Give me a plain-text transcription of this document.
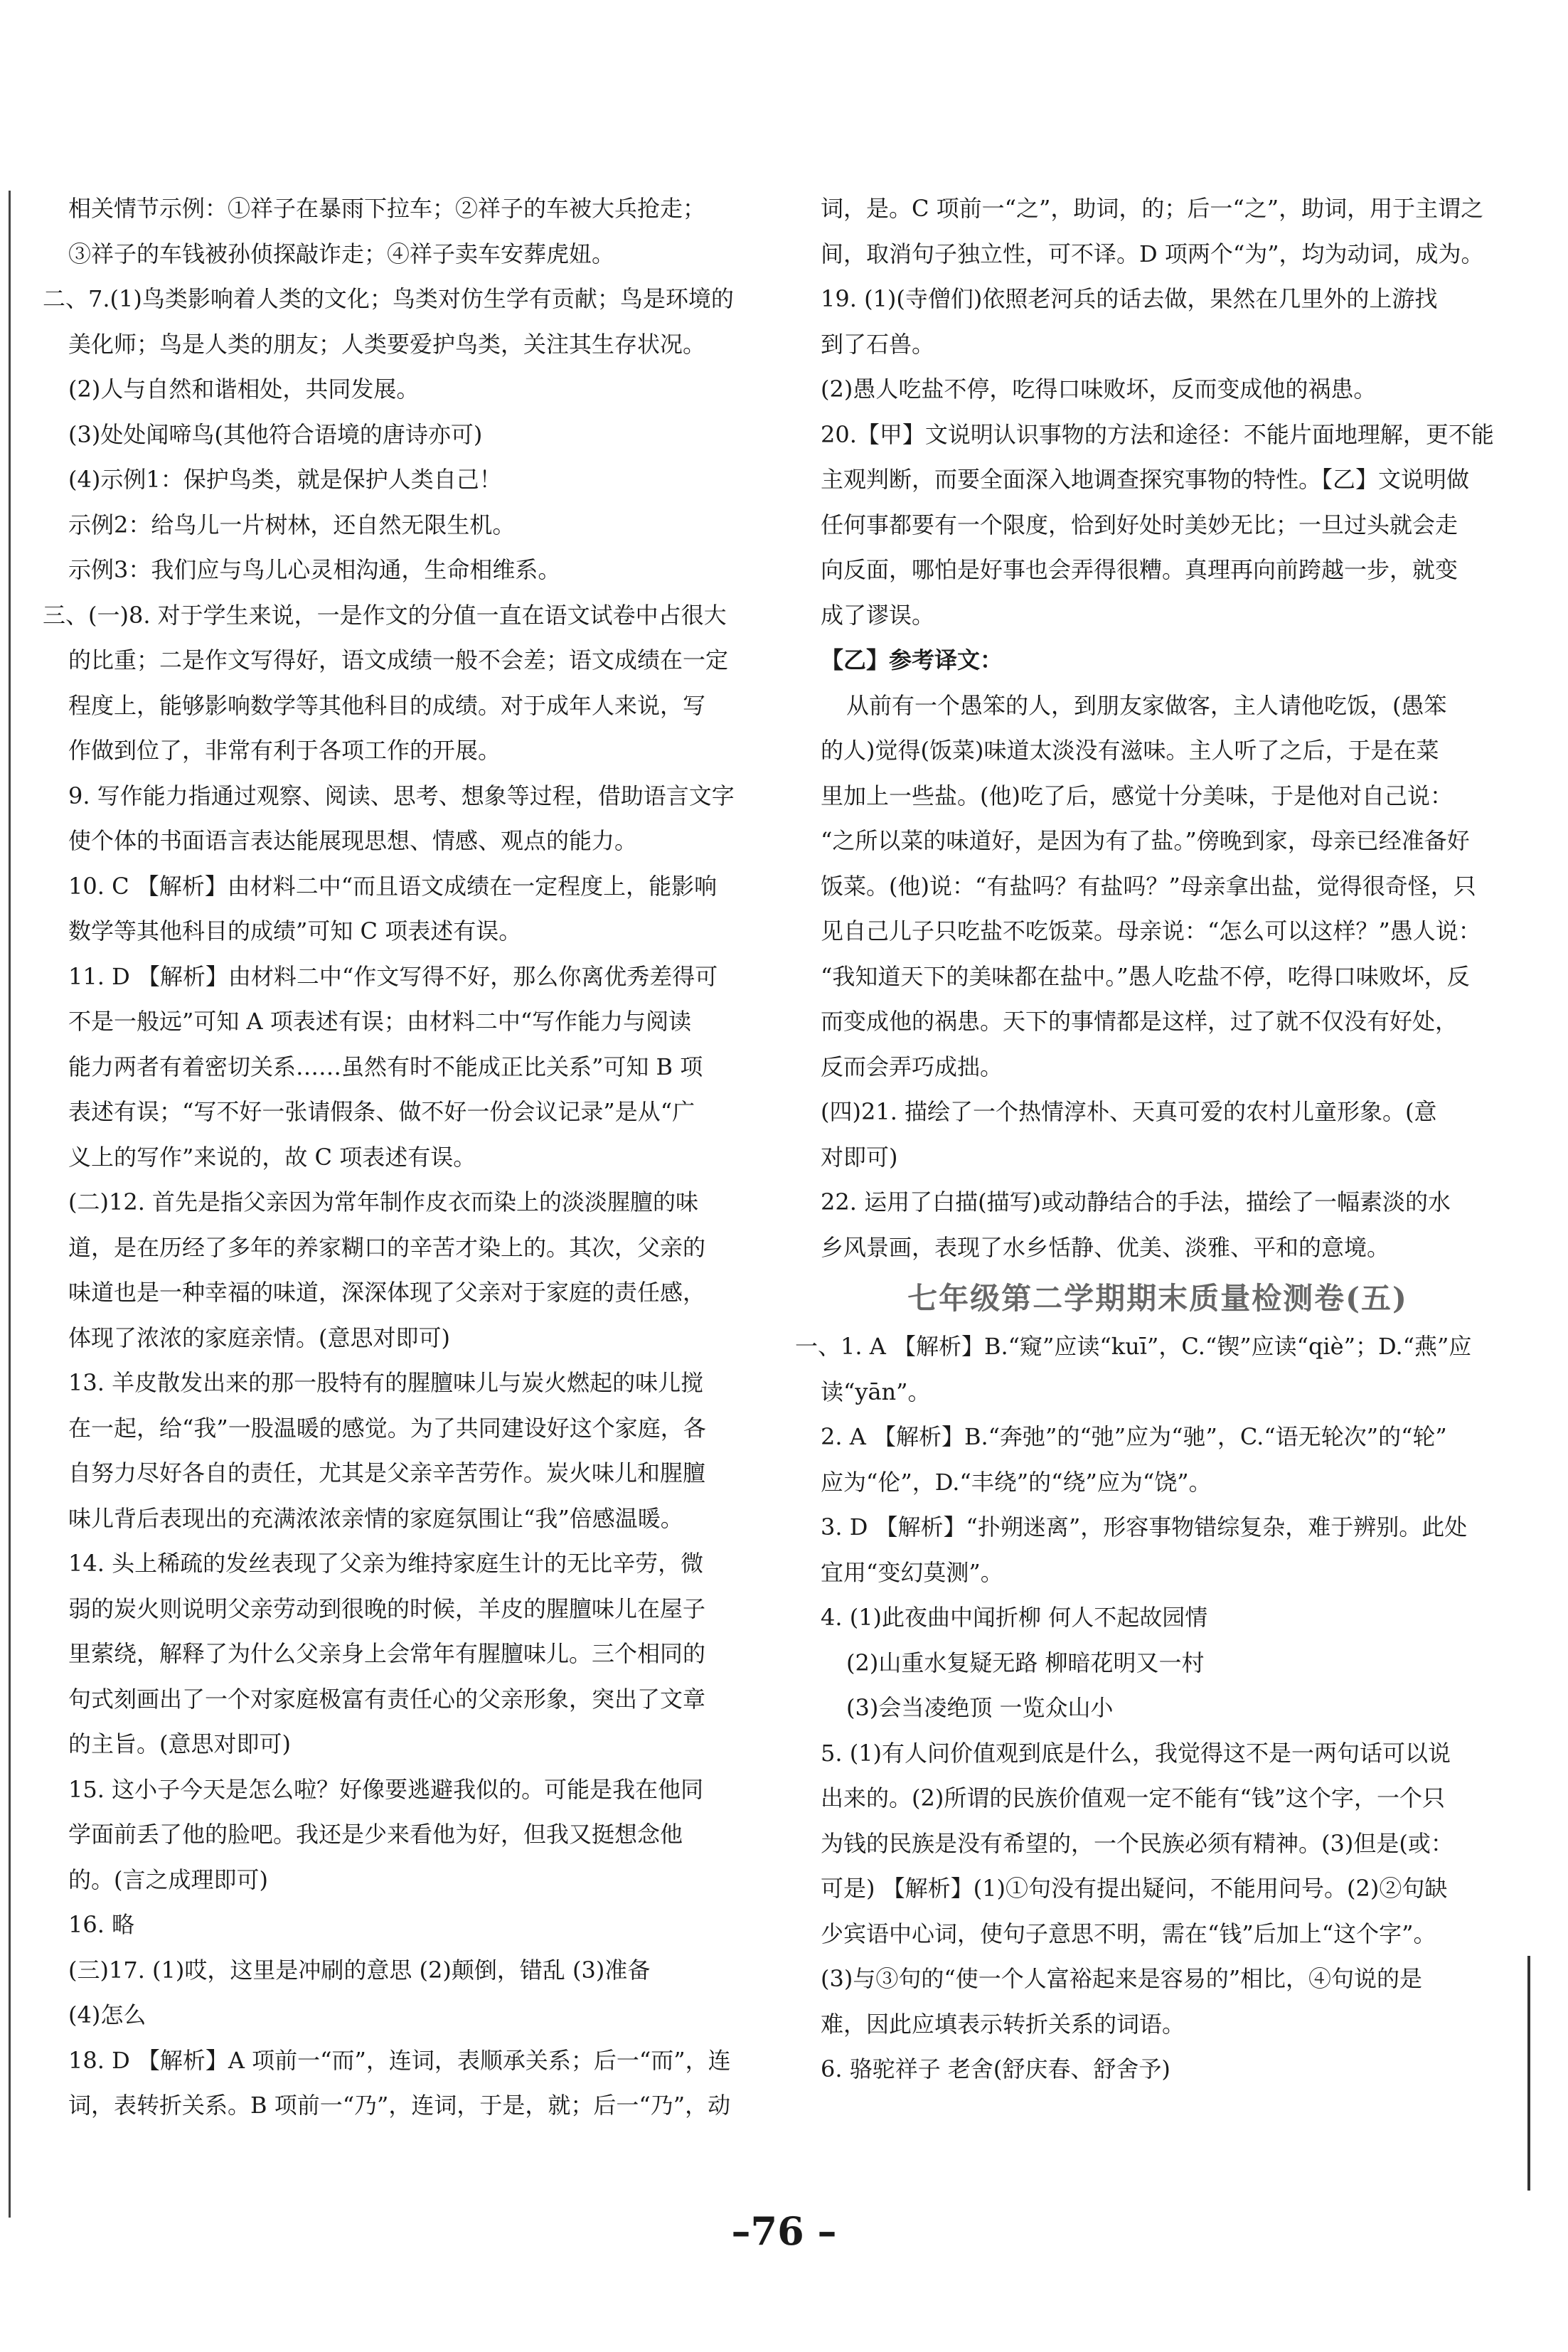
相关情节示例：①祥子在暴雨下拉车；②祥子的车被大兵抢走；
③祥子的车钱被孙侦探敲诈走；④祥子卖车安葬虎妞。
二、7.(1)鸟类影响着人类的文化；鸟类对仿生学有贡献；鸟是环境的
美化师；鸟是人类的朋友；人类要爱护鸟类，关注其生存状况。
(2)人与自然和谐相处，共同发展。
(3)处处闻啼鸟(其他符合语境的唐诗亦可)
(4)示例1：保护鸟类，就是保护人类自己！
示例2：给鸟儿一片树林，还自然无限生机。
示例3：我们应与鸟儿心灵相沟通，生命相维系。
三、(一)8. 对于学生来说，一是作文的分值一直在语文试卷中占很大
的比重；二是作文写得好，语文成绩一般不会差；语文成绩在一定
程度上，能够影响数学等其他科目的成绩。对于成年人来说，写
作做到位了，非常有利于各项工作的开展。
9. 写作能力指通过观察、阅读、思考、想象等过程，借助语言文字
使个体的书面语言表达能展现思想、情感、观点的能力。
10. C 【解析】由材料二中“而且语文成绩在一定程度上，能影响
数学等其他科目的成绩”可知 C 项表述有误。
11. D 【解析】由材料二中“作文写得不好，那么你离优秀差得可
不是一般远”可知 A 项表述有误；由材料二中“写作能力与阅读
能力两者有着密切关系……虽然有时不能成正比关系”可知 B 项
表述有误；“写不好一张请假条、做不好一份会议记录”是从“广
义上的写作”来说的，故 C 项表述有误。
(二)12. 首先是指父亲因为常年制作皮衣而染上的淡淡腥膻的味
道，是在历经了多年的养家糊口的辛苦才染上的。其次，父亲的
味道也是一种幸福的味道，深深体现了父亲对于家庭的责任感，
体现了浓浓的家庭亲情。(意思对即可)
13. 羊皮散发出来的那一股特有的腥膻味儿与炭火燃起的味儿搅
在一起，给“我”一股温暖的感觉。为了共同建设好这个家庭，各
自努力尽好各自的责任，尤其是父亲辛苦劳作。炭火味儿和腥膻
味儿背后表现出的充满浓浓亲情的家庭氛围让“我”倍感温暖。
14. 头上稀疏的发丝表现了父亲为维持家庭生计的无比辛劳，微
弱的炭火则说明父亲劳动到很晚的时候，羊皮的腥膻味儿在屋子
里萦绕，解释了为什么父亲身上会常年有腥膻味儿。三个相同的
句式刻画出了一个对家庭极富有责任心的父亲形象，突出了文章
的主旨。(意思对即可)
15. 这小子今天是怎么啦？好像要逃避我似的。可能是我在他同
学面前丢了他的脸吧。我还是少来看他为好，但我又挺想念他
的。(言之成理即可)
16. 略
(三)17. (1)哎，这里是冲刷的意思 (2)颠倒，错乱 (3)准备
(4)怎么
18. D 【解析】A 项前一“而”，连词，表顺承关系；后一“而”，连
词，表转折关系。B 项前一“乃”，连词，于是，就；后一“乃”，动
词，是。C 项前一“之”，助词，的；后一“之”，助词，用于主谓之
间，取消句子独立性，可不译。D 项两个“为”，均为动词，成为。
19. (1)(寺僧们)依照老河兵的话去做，果然在几里外的上游找
到了石兽。
(2)愚人吃盐不停，吃得口味败坏，反而变成他的祸患。
20.【甲】文说明认识事物的方法和途径：不能片面地理解，更不能
主观判断，而要全面深入地调查探究事物的特性。【乙】文说明做
任何事都要有一个限度，恰到好处时美妙无比；一旦过头就会走
向反面，哪怕是好事也会弄得很糟。真理再向前跨越一步，就变
成了谬误。
【乙】参考译文：
从前有一个愚笨的人，到朋友家做客，主人请他吃饭，(愚笨
的人)觉得(饭菜)味道太淡没有滋味。主人听了之后，于是在菜
里加上一些盐。(他)吃了后，感觉十分美味，于是他对自己说：
“之所以菜的味道好，是因为有了盐。”傍晚到家，母亲已经准备好
饭菜。(他)说：“有盐吗？有盐吗？”母亲拿出盐，觉得很奇怪，只
见自己儿子只吃盐不吃饭菜。母亲说：“怎么可以这样？”愚人说：
“我知道天下的美味都在盐中。”愚人吃盐不停，吃得口味败坏，反
而变成他的祸患。天下的事情都是这样，过了就不仅没有好处，
反而会弄巧成拙。
(四)21. 描绘了一个热情淳朴、天真可爱的农村儿童形象。(意
对即可)
22. 运用了白描(描写)或动静结合的手法，描绘了一幅素淡的水
乡风景画，表现了水乡恬静、优美、淡雅、平和的意境。
七年级第二学期期末质量检测卷(五)
一、1. A 【解析】B.“窥”应读“kuī”，C.“锲”应读“qiè”；D.“燕”应
读“yān”。
2. A 【解析】B.“奔弛”的“弛”应为“驰”，C.“语无轮次”的“轮”
应为“伦”，D.“丰绕”的“绕”应为“饶”。
3. D 【解析】“扑朔迷离”，形容事物错综复杂，难于辨别。此处
宜用“变幻莫测”。
4. (1)此夜曲中闻折柳 何人不起故园情
(2)山重水复疑无路 柳暗花明又一村
(3)会当凌绝顶 一览众山小
5. (1)有人问价值观到底是什么，我觉得这不是一两句话可以说
出来的。(2)所谓的民族价值观一定不能有“钱”这个字，一个只
为钱的民族是没有希望的，一个民族必须有精神。(3)但是(或：
可是) 【解析】(1)①句没有提出疑问，不能用问号。(2)②句缺
少宾语中心词，使句子意思不明，需在“钱”后加上“这个字”。
(3)与③句的“使一个人富裕起来是容易的”相比，④句说的是
难，因此应填表示转折关系的词语。
6. 骆驼祥子 老舍(舒庆春、舒舍予)
–76 –
